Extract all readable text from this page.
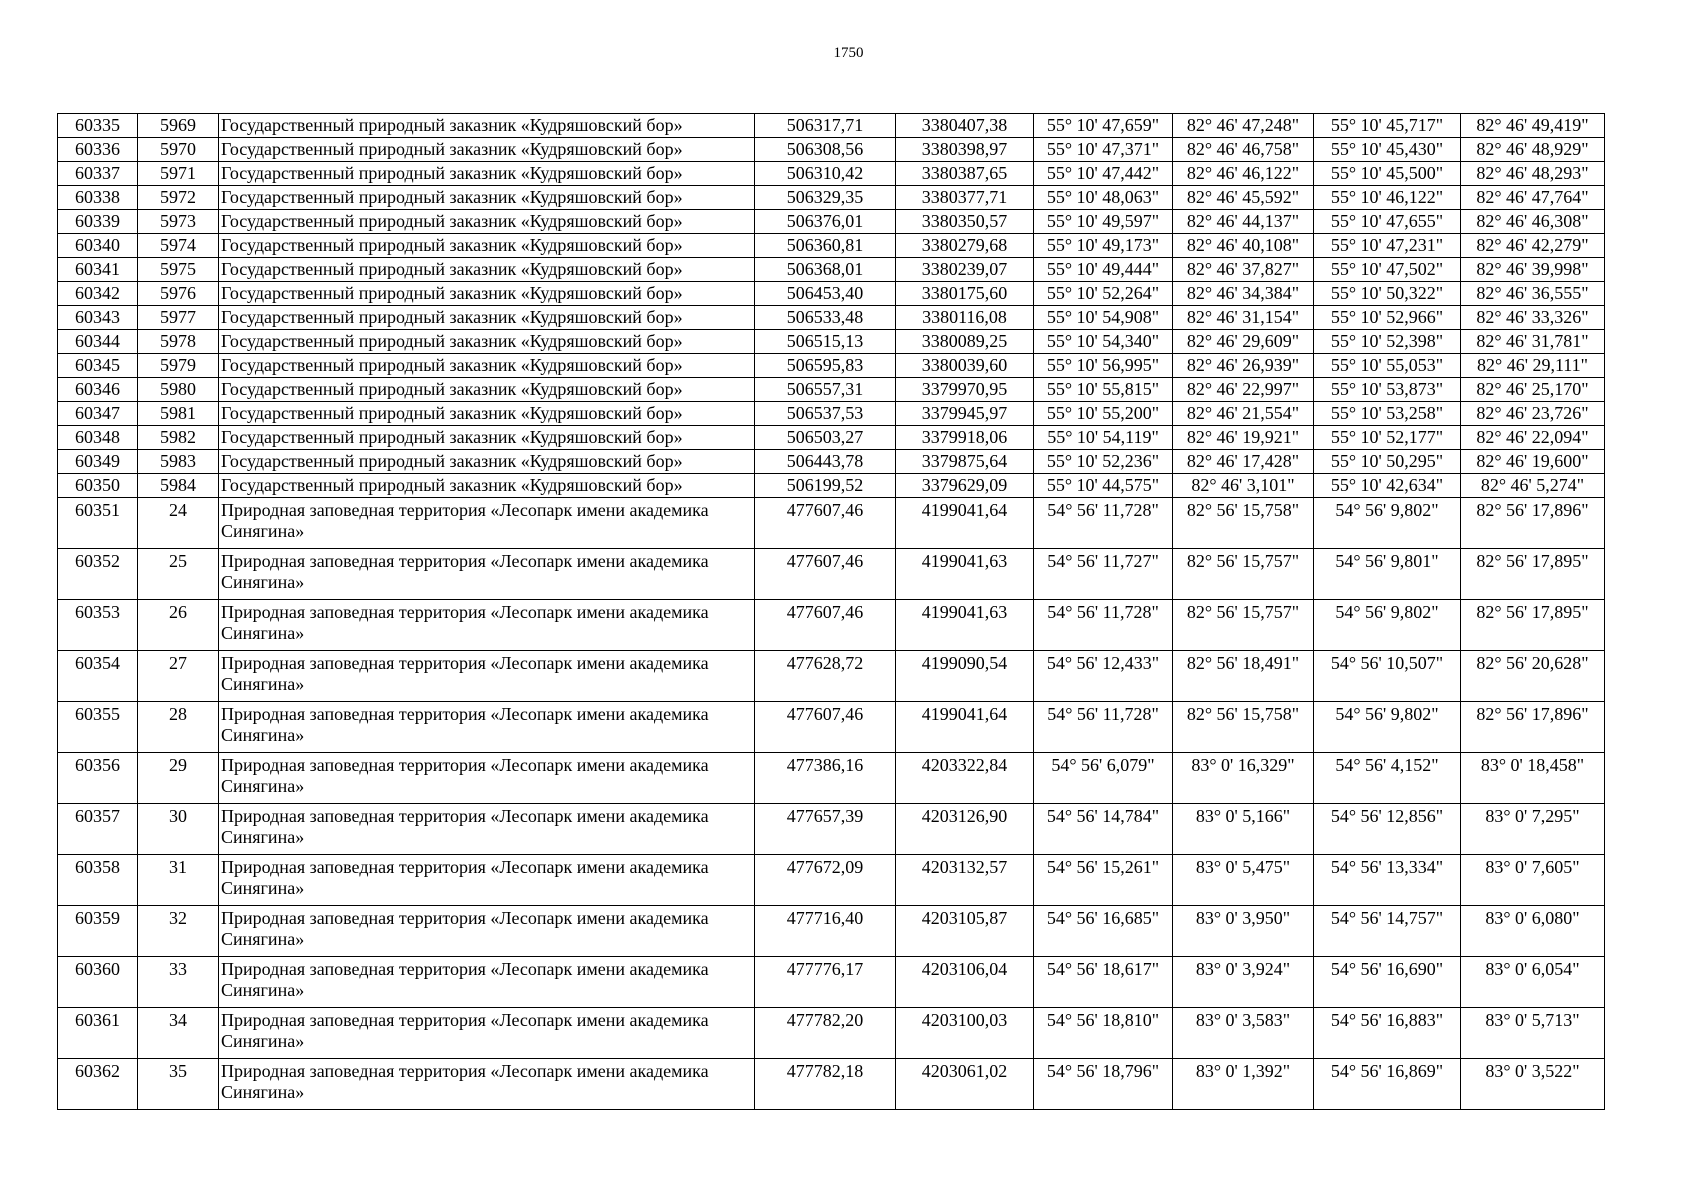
1750
60335	5969	Государственный природный заказник «Кудряшовский бор»	506317,71	3380407,38	55° 10' 47,659"	82° 46' 47,248"	55° 10' 45,717"	82° 46' 49,419"
60336	5970	Государственный природный заказник «Кудряшовский бор»	506308,56	3380398,97	55° 10' 47,371"	82° 46' 46,758"	55° 10' 45,430"	82° 46' 48,929"
60337	5971	Государственный природный заказник «Кудряшовский бор»	506310,42	3380387,65	55° 10' 47,442"	82° 46' 46,122"	55° 10' 45,500"	82° 46' 48,293"
60338	5972	Государственный природный заказник «Кудряшовский бор»	506329,35	3380377,71	55° 10' 48,063"	82° 46' 45,592"	55° 10' 46,122"	82° 46' 47,764"
60339	5973	Государственный природный заказник «Кудряшовский бор»	506376,01	3380350,57	55° 10' 49,597"	82° 46' 44,137"	55° 10' 47,655"	82° 46' 46,308"
60340	5974	Государственный природный заказник «Кудряшовский бор»	506360,81	3380279,68	55° 10' 49,173"	82° 46' 40,108"	55° 10' 47,231"	82° 46' 42,279"
60341	5975	Государственный природный заказник «Кудряшовский бор»	506368,01	3380239,07	55° 10' 49,444"	82° 46' 37,827"	55° 10' 47,502"	82° 46' 39,998"
60342	5976	Государственный природный заказник «Кудряшовский бор»	506453,40	3380175,60	55° 10' 52,264"	82° 46' 34,384"	55° 10' 50,322"	82° 46' 36,555"
60343	5977	Государственный природный заказник «Кудряшовский бор»	506533,48	3380116,08	55° 10' 54,908"	82° 46' 31,154"	55° 10' 52,966"	82° 46' 33,326"
60344	5978	Государственный природный заказник «Кудряшовский бор»	506515,13	3380089,25	55° 10' 54,340"	82° 46' 29,609"	55° 10' 52,398"	82° 46' 31,781"
60345	5979	Государственный природный заказник «Кудряшовский бор»	506595,83	3380039,60	55° 10' 56,995"	82° 46' 26,939"	55° 10' 55,053"	82° 46' 29,111"
60346	5980	Государственный природный заказник «Кудряшовский бор»	506557,31	3379970,95	55° 10' 55,815"	82° 46' 22,997"	55° 10' 53,873"	82° 46' 25,170"
60347	5981	Государственный природный заказник «Кудряшовский бор»	506537,53	3379945,97	55° 10' 55,200"	82° 46' 21,554"	55° 10' 53,258"	82° 46' 23,726"
60348	5982	Государственный природный заказник «Кудряшовский бор»	506503,27	3379918,06	55° 10' 54,119"	82° 46' 19,921"	55° 10' 52,177"	82° 46' 22,094"
60349	5983	Государственный природный заказник «Кудряшовский бор»	506443,78	3379875,64	55° 10' 52,236"	82° 46' 17,428"	55° 10' 50,295"	82° 46' 19,600"
60350	5984	Государственный природный заказник «Кудряшовский бор»	506199,52	3379629,09	55° 10' 44,575"	82° 46' 3,101"	55° 10' 42,634"	82° 46' 5,274"
60351	24	Природная заповедная территория «Лесопарк имени академика Синягина»	477607,46	4199041,64	54° 56' 11,728"	82° 56' 15,758"	54° 56' 9,802"	82° 56' 17,896"
60352	25	Природная заповедная территория «Лесопарк имени академика Синягина»	477607,46	4199041,63	54° 56' 11,727"	82° 56' 15,757"	54° 56' 9,801"	82° 56' 17,895"
60353	26	Природная заповедная территория «Лесопарк имени академика Синягина»	477607,46	4199041,63	54° 56' 11,728"	82° 56' 15,757"	54° 56' 9,802"	82° 56' 17,895"
60354	27	Природная заповедная территория «Лесопарк имени академика Синягина»	477628,72	4199090,54	54° 56' 12,433"	82° 56' 18,491"	54° 56' 10,507"	82° 56' 20,628"
60355	28	Природная заповедная территория «Лесопарк имени академика Синягина»	477607,46	4199041,64	54° 56' 11,728"	82° 56' 15,758"	54° 56' 9,802"	82° 56' 17,896"
60356	29	Природная заповедная территория «Лесопарк имени академика Синягина»	477386,16	4203322,84	54° 56' 6,079"	83° 0' 16,329"	54° 56' 4,152"	83° 0' 18,458"
60357	30	Природная заповедная территория «Лесопарк имени академика Синягина»	477657,39	4203126,90	54° 56' 14,784"	83° 0' 5,166"	54° 56' 12,856"	83° 0' 7,295"
60358	31	Природная заповедная территория «Лесопарк имени академика Синягина»	477672,09	4203132,57	54° 56' 15,261"	83° 0' 5,475"	54° 56' 13,334"	83° 0' 7,605"
60359	32	Природная заповедная территория «Лесопарк имени академика Синягина»	477716,40	4203105,87	54° 56' 16,685"	83° 0' 3,950"	54° 56' 14,757"	83° 0' 6,080"
60360	33	Природная заповедная территория «Лесопарк имени академика Синягина»	477776,17	4203106,04	54° 56' 18,617"	83° 0' 3,924"	54° 56' 16,690"	83° 0' 6,054"
60361	34	Природная заповедная территория «Лесопарк имени академика Синягина»	477782,20	4203100,03	54° 56' 18,810"	83° 0' 3,583"	54° 56' 16,883"	83° 0' 5,713"
60362	35	Природная заповедная территория «Лесопарк имени академика Синягина»	477782,18	4203061,02	54° 56' 18,796"	83° 0' 1,392"	54° 56' 16,869"	83° 0' 3,522"
